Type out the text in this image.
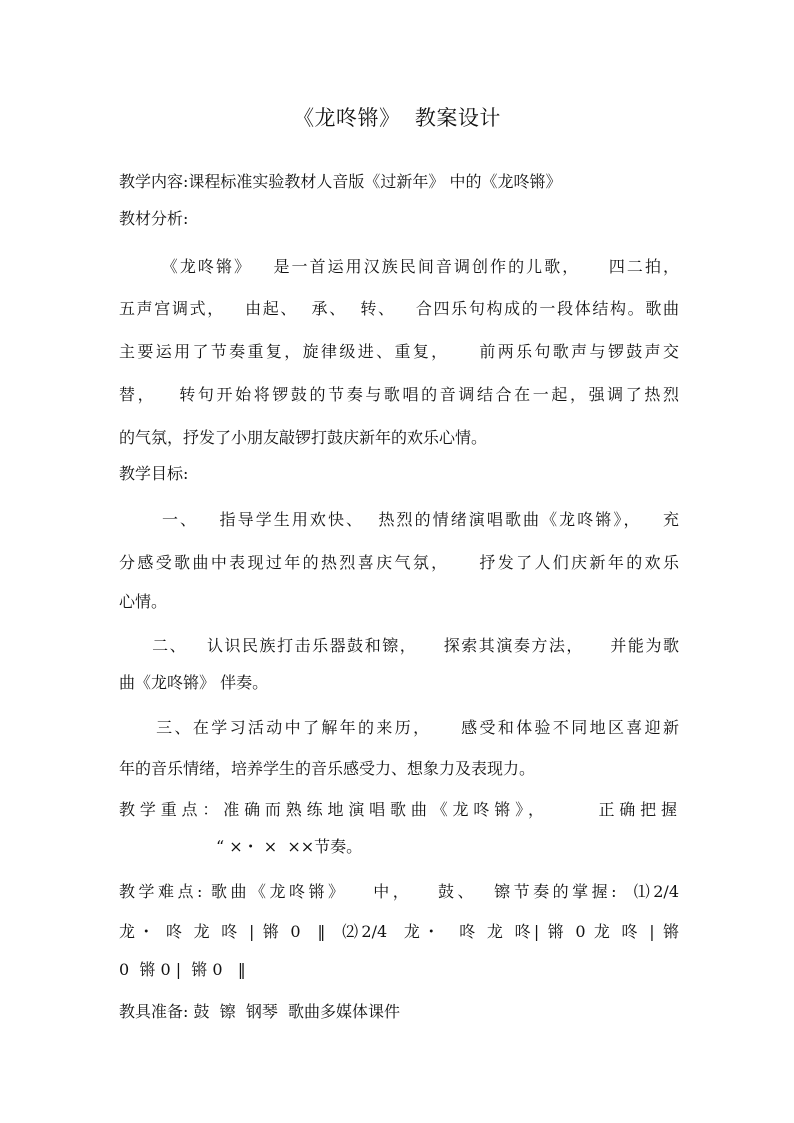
《龙咚锵》  教案设计
教学内容:课程标准实验教材人音版《过新年》 中的《龙咚锵》
教材分析:
《龙咚锵》   是一首运用汉族民间音调创作的儿歌，    四二拍，
五声宫调式，   由起、  承、  转、   合四乐句构成的一段体结构。歌曲
主要运用了节奏重复，旋律级进、重复，    前两乐句歌声与锣鼓声交
替，   转句开始将锣鼓的节奏与歌唱的音调结合在一起，强调了热烈
的气氛，抒发了小朋友敲锣打鼓庆新年的欢乐心情。
教学目标:
一、   指导学生用欢快、  热烈的情绪演唱歌曲《龙咚锵》，   充
分感受歌曲中表现过年的热烈喜庆气氛，    抒发了人们庆新年的欢乐
心情。
二、   认识民族打击乐器鼓和镲，    探索其演奏方法，    并能为歌
曲《龙咚锵》 伴奏。
三、在学习活动中了解年的来历，    感受和体验不同地区喜迎新
年的音乐情绪，培养学生的音乐感受力、想象力及表现力。
教学重点：准确而熟练地演唱歌曲《龙咚锵》，     正确把握
“ ×・ ×  ××节奏。
教学难点: 歌曲《龙咚锵》   中，   鼓、  镲节奏的掌握:  ⑴2/4
龙・ 咚 龙 咚 | 锵 0  ‖  ⑵2/4  龙・  咚 龙 咚| 锵 0 龙 咚 | 锵
0  锵 0 |  锵 0   ‖
教具准备: 鼓  镲  钢琴  歌曲多媒体课件
